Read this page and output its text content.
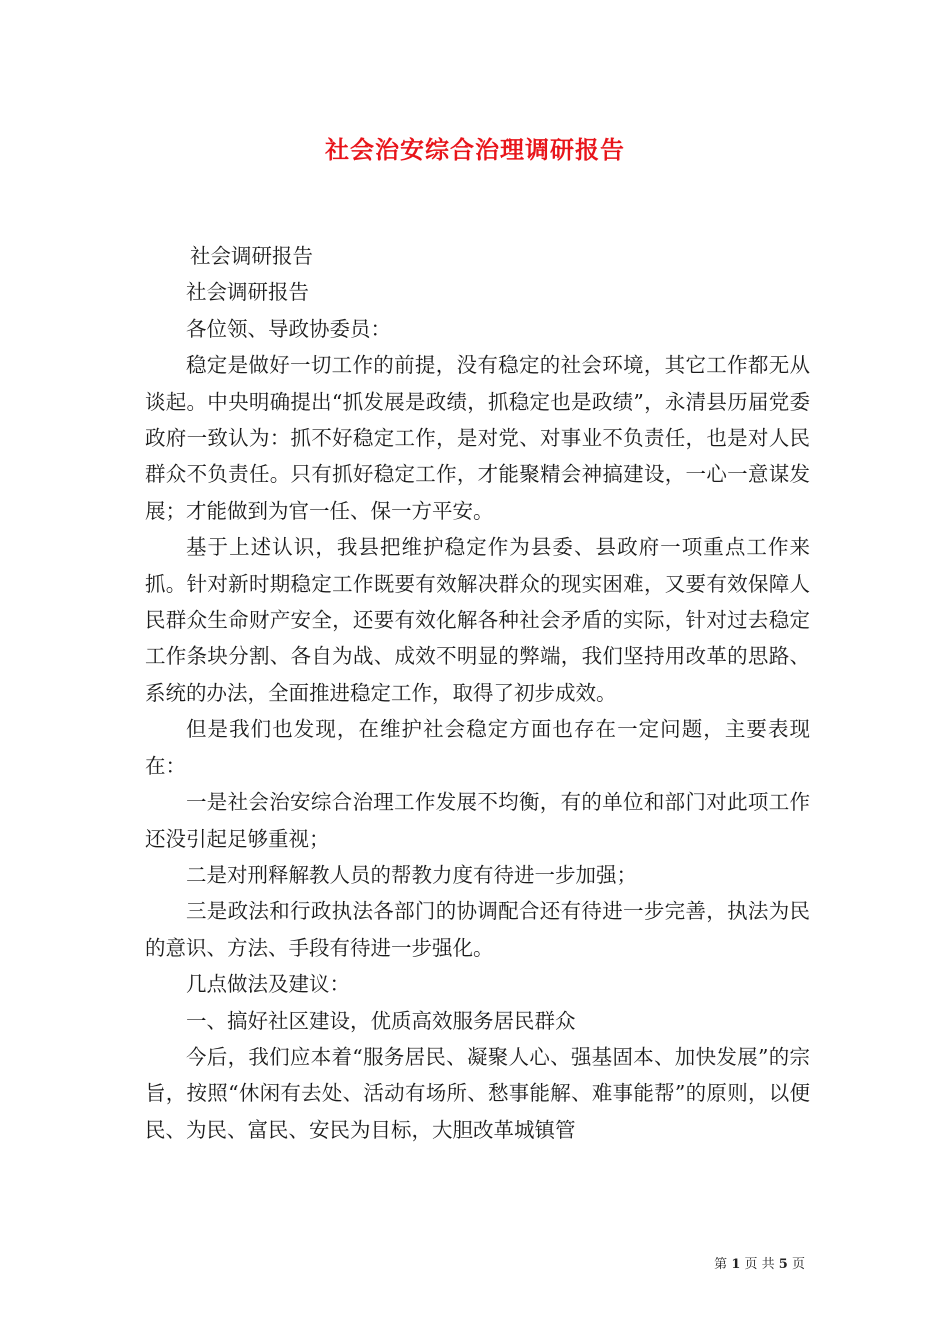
社会治安综合治理调研报告

社会调研报告

社会调研报告

各位领、导政协委员：

稳定是做好一切工作的前提，没有稳定的社会环境，其它工作都无从谈起。中央明确提出“抓发展是政绩，抓稳定也是政绩”，永清县历届党委政府一致认为：抓不好稳定工作，是对党、对事业不负责任，也是对人民群众不负责任。只有抓好稳定工作，才能聚精会神搞建设，一心一意谋发展；才能做到为官一任、保一方平安。

基于上述认识，我县把维护稳定作为县委、县政府一项重点工作来抓。针对新时期稳定工作既要有效解决群众的现实困难，又要有效保障人民群众生命财产安全，还要有效化解各种社会矛盾的实际，针对过去稳定工作条块分割、各自为战、成效不明显的弊端，我们坚持用改革的思路、系统的办法，全面推进稳定工作，取得了初步成效。

但是我们也发现，在维护社会稳定方面也存在一定问题，主要表现在：

一是社会治安综合治理工作发展不均衡，有的单位和部门对此项工作还没引起足够重视；

二是对刑释解教人员的帮教力度有待进一步加强；

三是政法和行政执法各部门的协调配合还有待进一步完善，执法为民的意识、方法、手段有待进一步强化。

几点做法及建议：

一、搞好社区建设，优质高效服务居民群众

今后，我们应本着“服务居民、凝聚人心、强基固本、加快发展”的宗旨，按照“休闲有去处、活动有场所、愁事能解、难事能帮”的原则，以便民、为民、富民、安民为目标，大胆改革城镇管

第 1 页 共 5 页
